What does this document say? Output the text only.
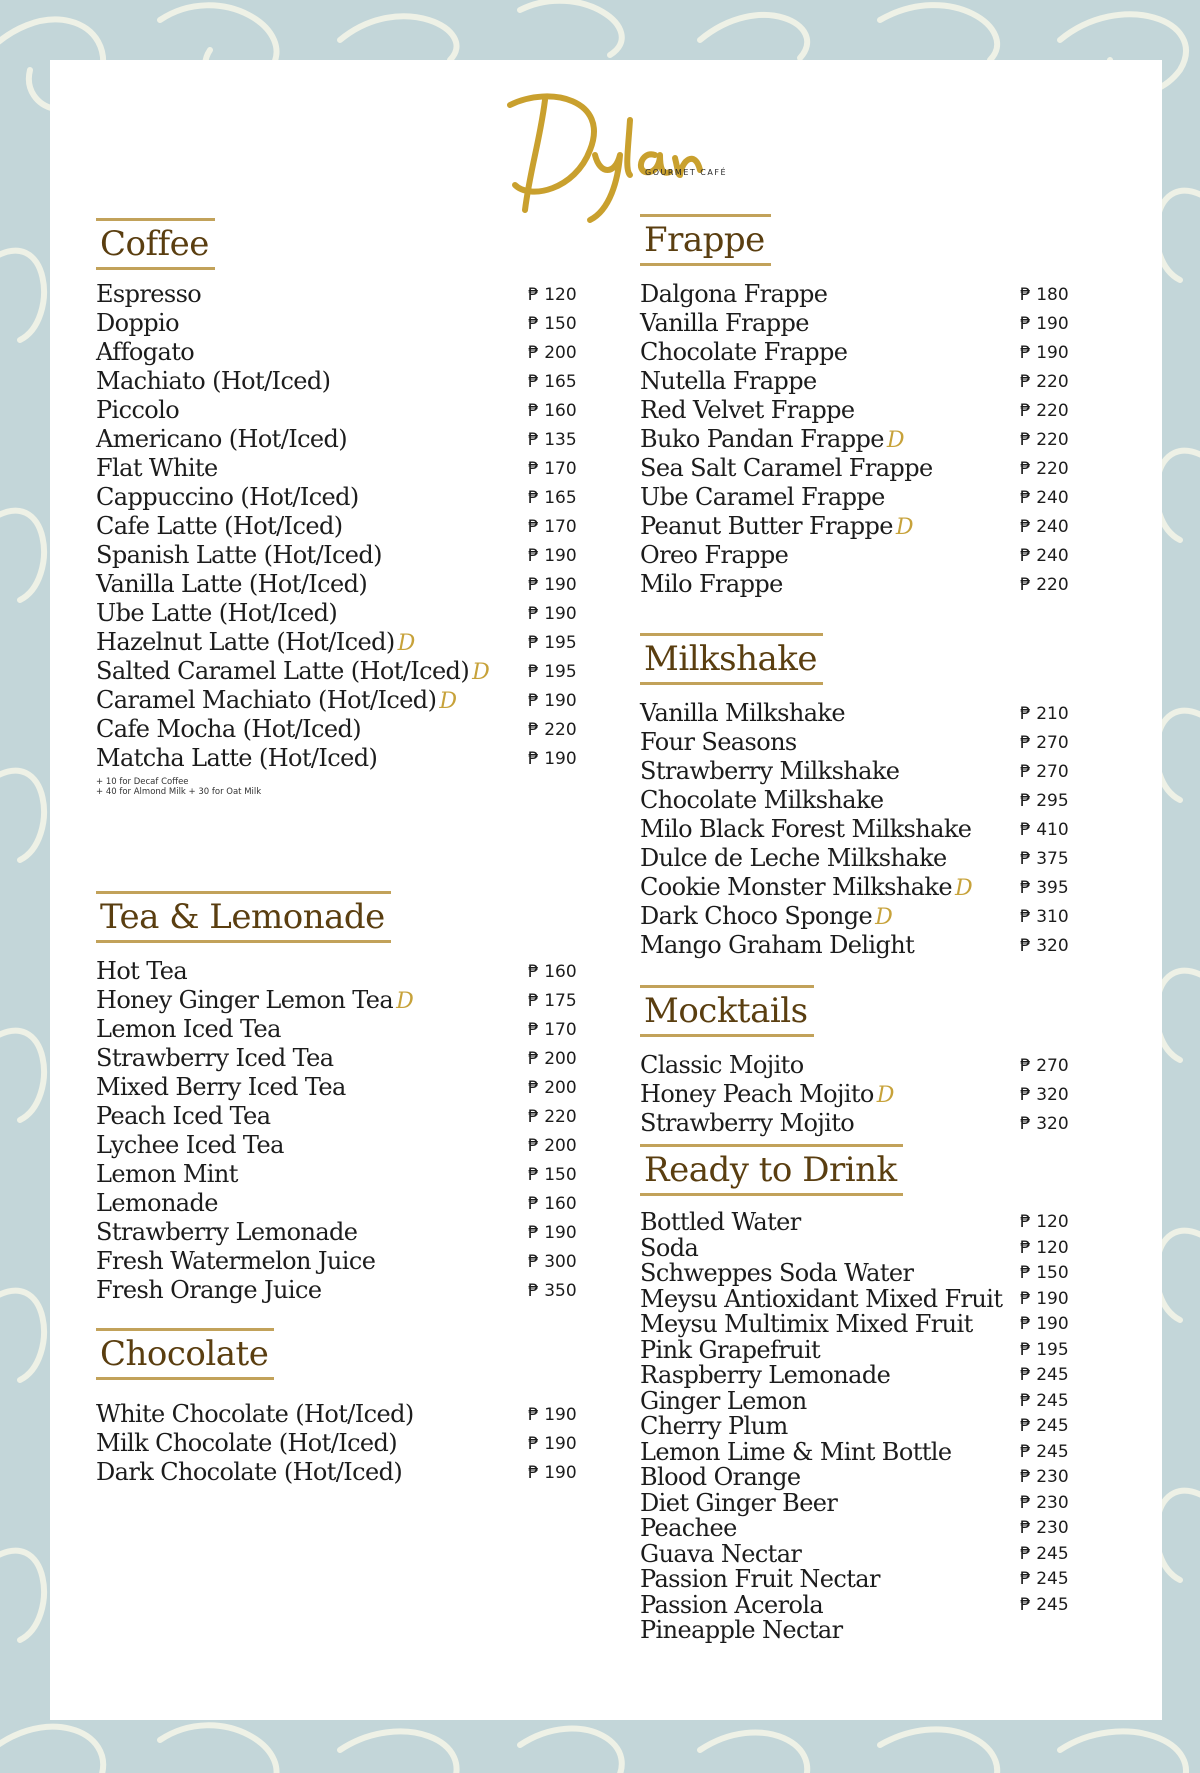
GOURMET CAFÉ
Coffee
Espresso	₱ 120
Doppio	₱ 150
Affogato	₱ 200
Machiato (Hot/Iced)	₱ 165
Piccolo	₱ 160
Americano (Hot/Iced)	₱ 135
Flat White	₱ 170
Cappuccino (Hot/Iced)	₱ 165
Cafe Latte (Hot/Iced)	₱ 170
Spanish Latte (Hot/Iced)	₱ 190
Vanilla Latte (Hot/Iced)	₱ 190
Ube Latte (Hot/Iced)	₱ 190
Hazelnut Latte (Hot/Iced) D	₱ 195
Salted Caramel Latte (Hot/Iced) D ₱ 195
Caramel Machiato (Hot/Iced) D	₱ 190
Cafe Mocha (Hot/Iced)	₱ 220
Matcha Latte (Hot/Iced)	₱ 190
+ 10 for Decaf Coffee
+ 40 for Almond Milk + 30 for Oat Milk
Tea & Lemonade
Hot Tea	₱ 160
Honey Ginger Lemon Tea D	₱ 175
Lemon Iced Tea	₱ 170
Strawberry Iced Tea	₱ 200
Mixed Berry Iced Tea	₱ 200
Peach Iced Tea	₱ 220
Lychee Iced Tea	₱ 200
Lemon Mint	₱ 150
Lemonade	₱ 160
Strawberry Lemonade	₱ 190
Fresh Watermelon Juice	₱ 300
Fresh Orange Juice	₱ 350
Chocolate
White Chocolate (Hot/Iced)	₱ 190
Milk Chocolate (Hot/Iced)	₱ 190
Dark Chocolate (Hot/Iced)	₱ 190
Frappe
Dalgona Frappe	₱ 180
Vanilla Frappe	₱ 190
Chocolate Frappe	₱ 190
Nutella Frappe	₱ 220
Red Velvet Frappe	₱ 220
Buko Pandan Frappe D	₱ 220
Sea Salt Caramel Frappe	₱ 220
Ube Caramel Frappe	₱ 240
Peanut Butter Frappe D	₱ 240
Oreo Frappe	₱ 240
Milo Frappe	₱ 220
Milkshake
Vanilla Milkshake	₱ 210
Four Seasons	₱ 270
Strawberry Milkshake	₱ 270
Chocolate Milkshake	₱ 295
Milo Black Forest Milkshake	₱ 410
Dulce de Leche Milkshake	₱ 375
Cookie Monster Milkshake D	₱ 395
Dark Choco Sponge D	₱ 310
Mango Graham Delight	₱ 320
Mocktails
Classic Mojito	₱ 270
Honey Peach Mojito D	₱ 320
Strawberry Mojito	₱ 320
Ready to Drink
Bottled Water	₱ 120
Soda	₱ 120
Schweppes Soda Water	₱ 150
Meysu Antioxidant Mixed Fruit ₱ 190
Meysu Multimix Mixed Fruit	₱ 190
Pink Grapefruit	₱ 195
Raspberry Lemonade	₱ 245
Ginger Lemon	₱ 245
Cherry Plum	₱ 245
Lemon Lime & Mint Bottle	₱ 245
Blood Orange	₱ 230
Diet Ginger Beer	₱ 230
Peachee	₱ 230
Guava Nectar	₱ 245
Passion Fruit Nectar	₱ 245
Passion Acerola	₱ 245
Pineapple Nectar
